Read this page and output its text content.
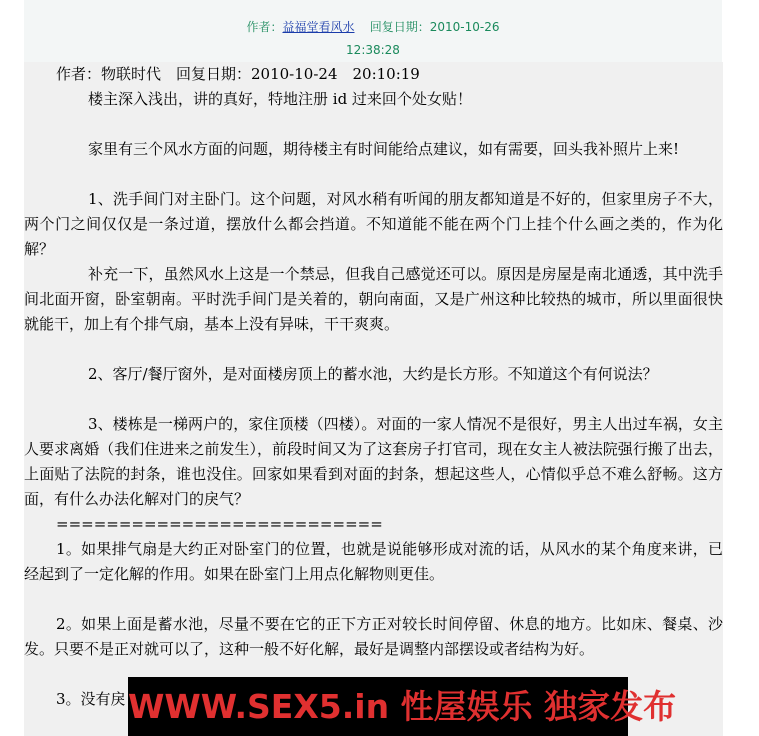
作者：益福堂看风水 回复日期：2010-10-26
12:38:28
作者：物联时代　回复日期：2010-10-24　20:10:19

楼主深入浅出，讲的真好，特地注册 id 过来回个处女贴！

家里有三个风水方面的问题，期待楼主有时间能给点建议，如有需要，回头我补照片上来!

1、洗手间门对主卧门。这个问题，对风水稍有听闻的朋友都知道是不好的，但家里房子不大，两个门之间仅仅是一条过道，摆放什么都会挡道。不知道能不能在两个门上挂个什么画之类的，作为化解？

补充一下，虽然风水上这是一个禁忌，但我自己感觉还可以。原因是房屋是南北通透，其中洗手间北面开窗，卧室朝南。平时洗手间门是关着的，朝向南面，又是广州这种比较热的城市，所以里面很快就能干，加上有个排气扇，基本上没有异味，干干爽爽。

2、客厅/餐厅窗外，是对面楼房顶上的蓄水池，大约是长方形。不知道这个有何说法？

3、楼栋是一梯两户的，家住顶楼（四楼）。对面的一家人情况不是很好，男主人出过车祸，女主人要求离婚（我们住进来之前发生），前段时间又为了这套房子打官司，现在女主人被法院强行搬了出去，上面贴了法院的封条，谁也没住。回家如果看到对面的封条，想起这些人，心情似乎总不难么舒畅。这方面，有什么办法化解对门的戾气？

==========================

1。如果排气扇是大约正对卧室门的位置，也就是说能够形成对流的话，从风水的某个角度来讲，已经起到了一定化解的作用。如果在卧室门上用点化解物则更佳。

2。如果上面是蓄水池，尽量不要在它的正下方正对较长时间停留、休息的地方。比如床、餐桌、沙发。只要不是正对就可以了，这种一般不好化解，最好是调整内部摆设或者结构为好。

3。没有戾 WWW.SEX5.in 性屋娱乐 独家发布
